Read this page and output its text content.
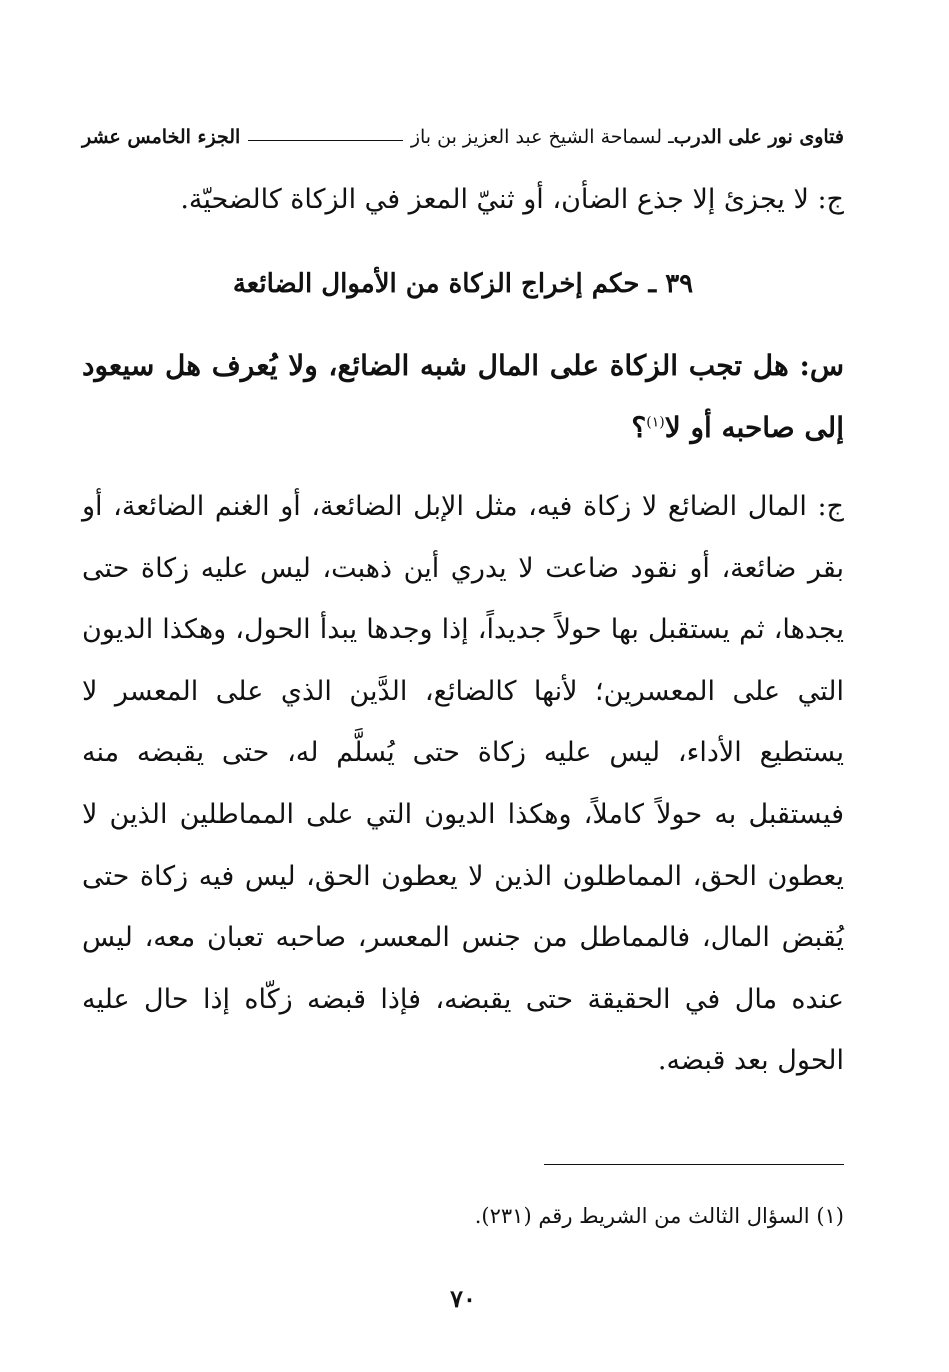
فتاوى نور على الدرب
ـ لسماحة الشيخ عبد العزيز بن باز
الجزء الخامس عشر

ج: لا يجزئ إلا جذع الضأن، أو ثنيّ المعز في الزكاة كالضحيّة.

٣٩ ـ حكم إخراج الزكاة من الأموال الضائعة

س: هل تجب الزكاة على المال شبه الضائع، ولا يُعرف هل سيعود إلى صاحبه أو لا$^{(١)}$؟

ج: المال الضائع لا زكاة فيه، مثل الإبل الضائعة، أو الغنم الضائعة، أو بقر ضائعة، أو نقود ضاعت لا يدري أين ذهبت، ليس عليه زكاة حتى يجدها، ثم يستقبل بها حولاً جديداً، إذا وجدها يبدأ الحول، وهكذا الديون التي على المعسرين؛ لأنها كالضائع، الدَّين الذي على المعسر لا يستطيع الأداء، ليس عليه زكاة حتى يُسلَّم له، حتى يقبضه منه فيستقبل به حولاً كاملاً، وهكذا الديون التي على المماطلين الذين لا يعطون الحق، المماطلون الذين لا يعطون الحق، ليس فيه زكاة حتى يُقبض المال، فالمماطل من جنس المعسر، صاحبه تعبان معه، ليس عنده مال في الحقيقة حتى يقبضه، فإذا قبضه زكّاه إذا حال عليه الحول بعد قبضه.

(١) السؤال الثالث من الشريط رقم (٢٣١).

٧٠
